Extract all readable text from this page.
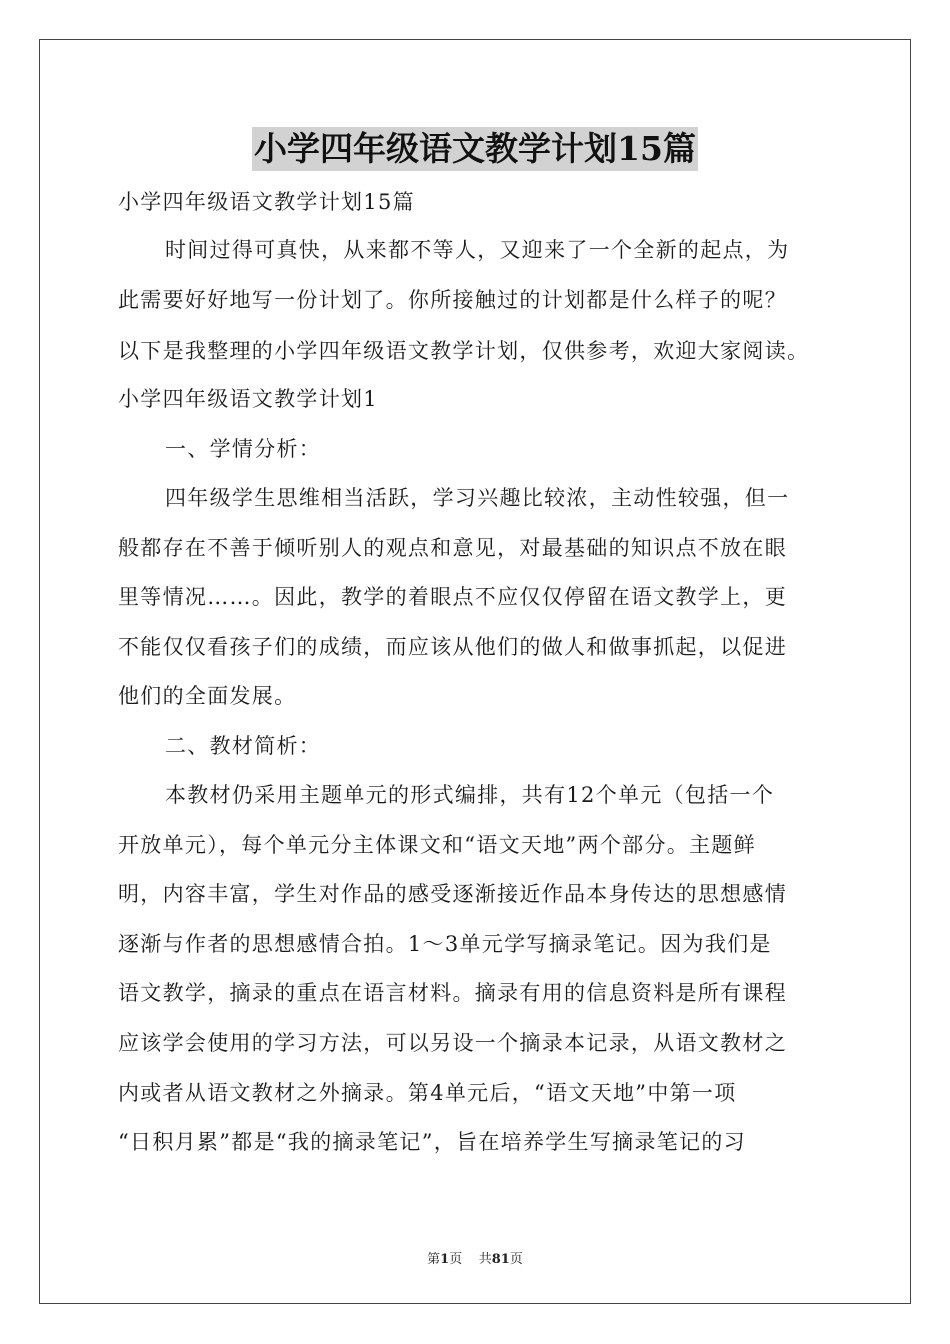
小学四年级语文教学计划15篇
小学四年级语文教学计划15篇
时间过得可真快，从来都不等人，又迎来了一个全新的起点，为
此需要好好地写一份计划了。你所接触过的计划都是什么样子的呢？
以下是我整理的小学四年级语文教学计划，仅供参考，欢迎大家阅读。
小学四年级语文教学计划1
一、学情分析：
四年级学生思维相当活跃，学习兴趣比较浓，主动性较强，但一
般都存在不善于倾听别人的观点和意见，对最基础的知识点不放在眼
里等情况……。因此，教学的着眼点不应仅仅停留在语文教学上，更
不能仅仅看孩子们的成绩，而应该从他们的做人和做事抓起，以促进
他们的全面发展。
二、教材简析：
本教材仍采用主题单元的形式编排，共有12个单元（包括一个
开放单元），每个单元分主体课文和“语文天地”两个部分。主题鲜
明，内容丰富，学生对作品的感受逐渐接近作品本身传达的思想感情
逐渐与作者的思想感情合拍。1～3单元学写摘录笔记。因为我们是
语文教学，摘录的重点在语言材料。摘录有用的信息资料是所有课程
应该学会使用的学习方法，可以另设一个摘录本记录，从语文教材之
内或者从语文教材之外摘录。第4单元后，“语文天地”中第一项
“日积月累”都是“我的摘录笔记”，旨在培养学生写摘录笔记的习
第1页 共81页
